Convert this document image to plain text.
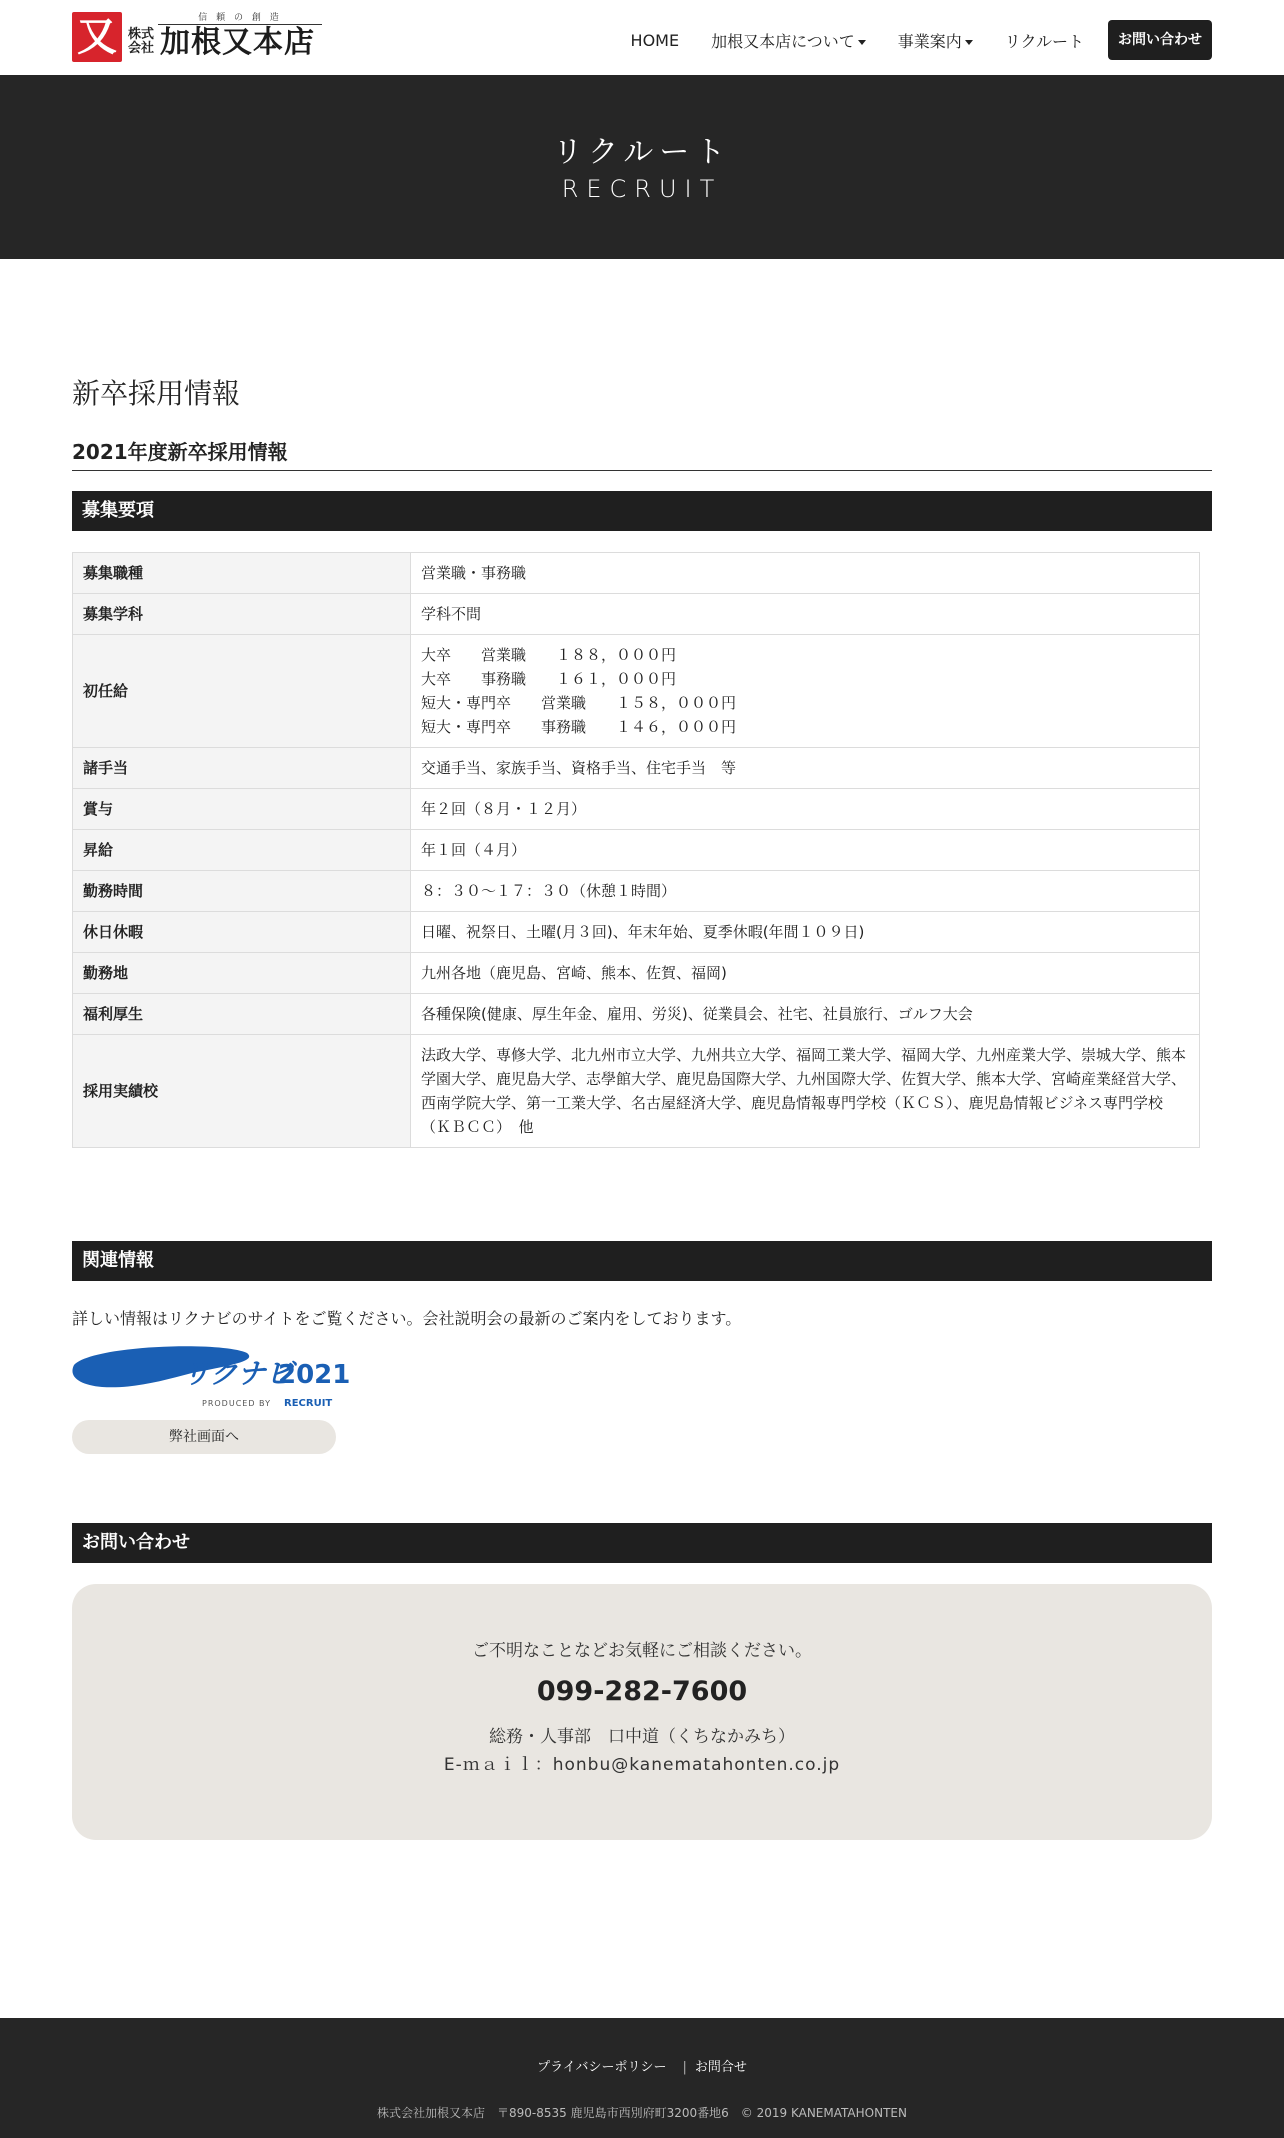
又	信 頼 の 創 造
株式会社 加根又本店	HOME 加根又本店について	事業案内	リクルート	お問い合わせ
リクルート
RECRUIT
新卒採用情報
2021年度新卒採用情報
募集要項
募集職種	営業職・事務職

募集学科	学科不問

初任給	大卒　　営業職　　１８８，０００円
大卒　　事務職　　１６１，０００円
短大・専門卒　　営業職　　１５８，０００円
短大・専門卒　　事務職　　１４６，０００円

諸手当	交通手当、家族手当、資格手当、住宅手当　等

賞与	年２回（８月・１２月）

昇給	年１回（４月）

勤務時間	８：３０～１７：３０（休憩１時間）

休日休暇	日曜、祝祭日、土曜(月３回)、年末年始、夏季休暇(年間１０９日)

勤務地	九州各地（鹿児島、宮崎、熊本、佐賀、福岡)

福利厚生	各種保険(健康、厚生年金、雇用、労災)、従業員会、社宅、社員旅行、ゴルフ大会

採用実績校	法政大学、専修大学、北九州市立大学、九州共立大学、福岡工業大学、福岡大学、九州産業大学、崇城大学、熊本学園大学、鹿児島大学、志學館大学、鹿児島国際大学、九州国際大学、佐賀大学、熊本大学、宮崎産業経営大学、西南学院大学、第一工業大学、名古屋経済大学、鹿児島情報専門学校（ＫＣＳ）、鹿児島情報ビジネス専門学校（ＫＢＣＣ）　他
関連情報

詳しい情報はリクナビのサイトをご覧ください。会社説明会の最新のご案内をしております。

リクナビ
2021
PRODUCED BY RECRUIT
弊社画面へ
お問い合わせ
ご不明なことなどお気軽にご相談ください。
099-282-7600
総務・人事部　口中道（くちなかみち）
E-ｍａｉｌ：honbu@kanematahonten.co.jp
プライバシーポリシー | お問合せ
株式会社加根又本店　〒890-8535 鹿児島市西別府町3200番地6　© 2019 KANEMATAHONTEN
